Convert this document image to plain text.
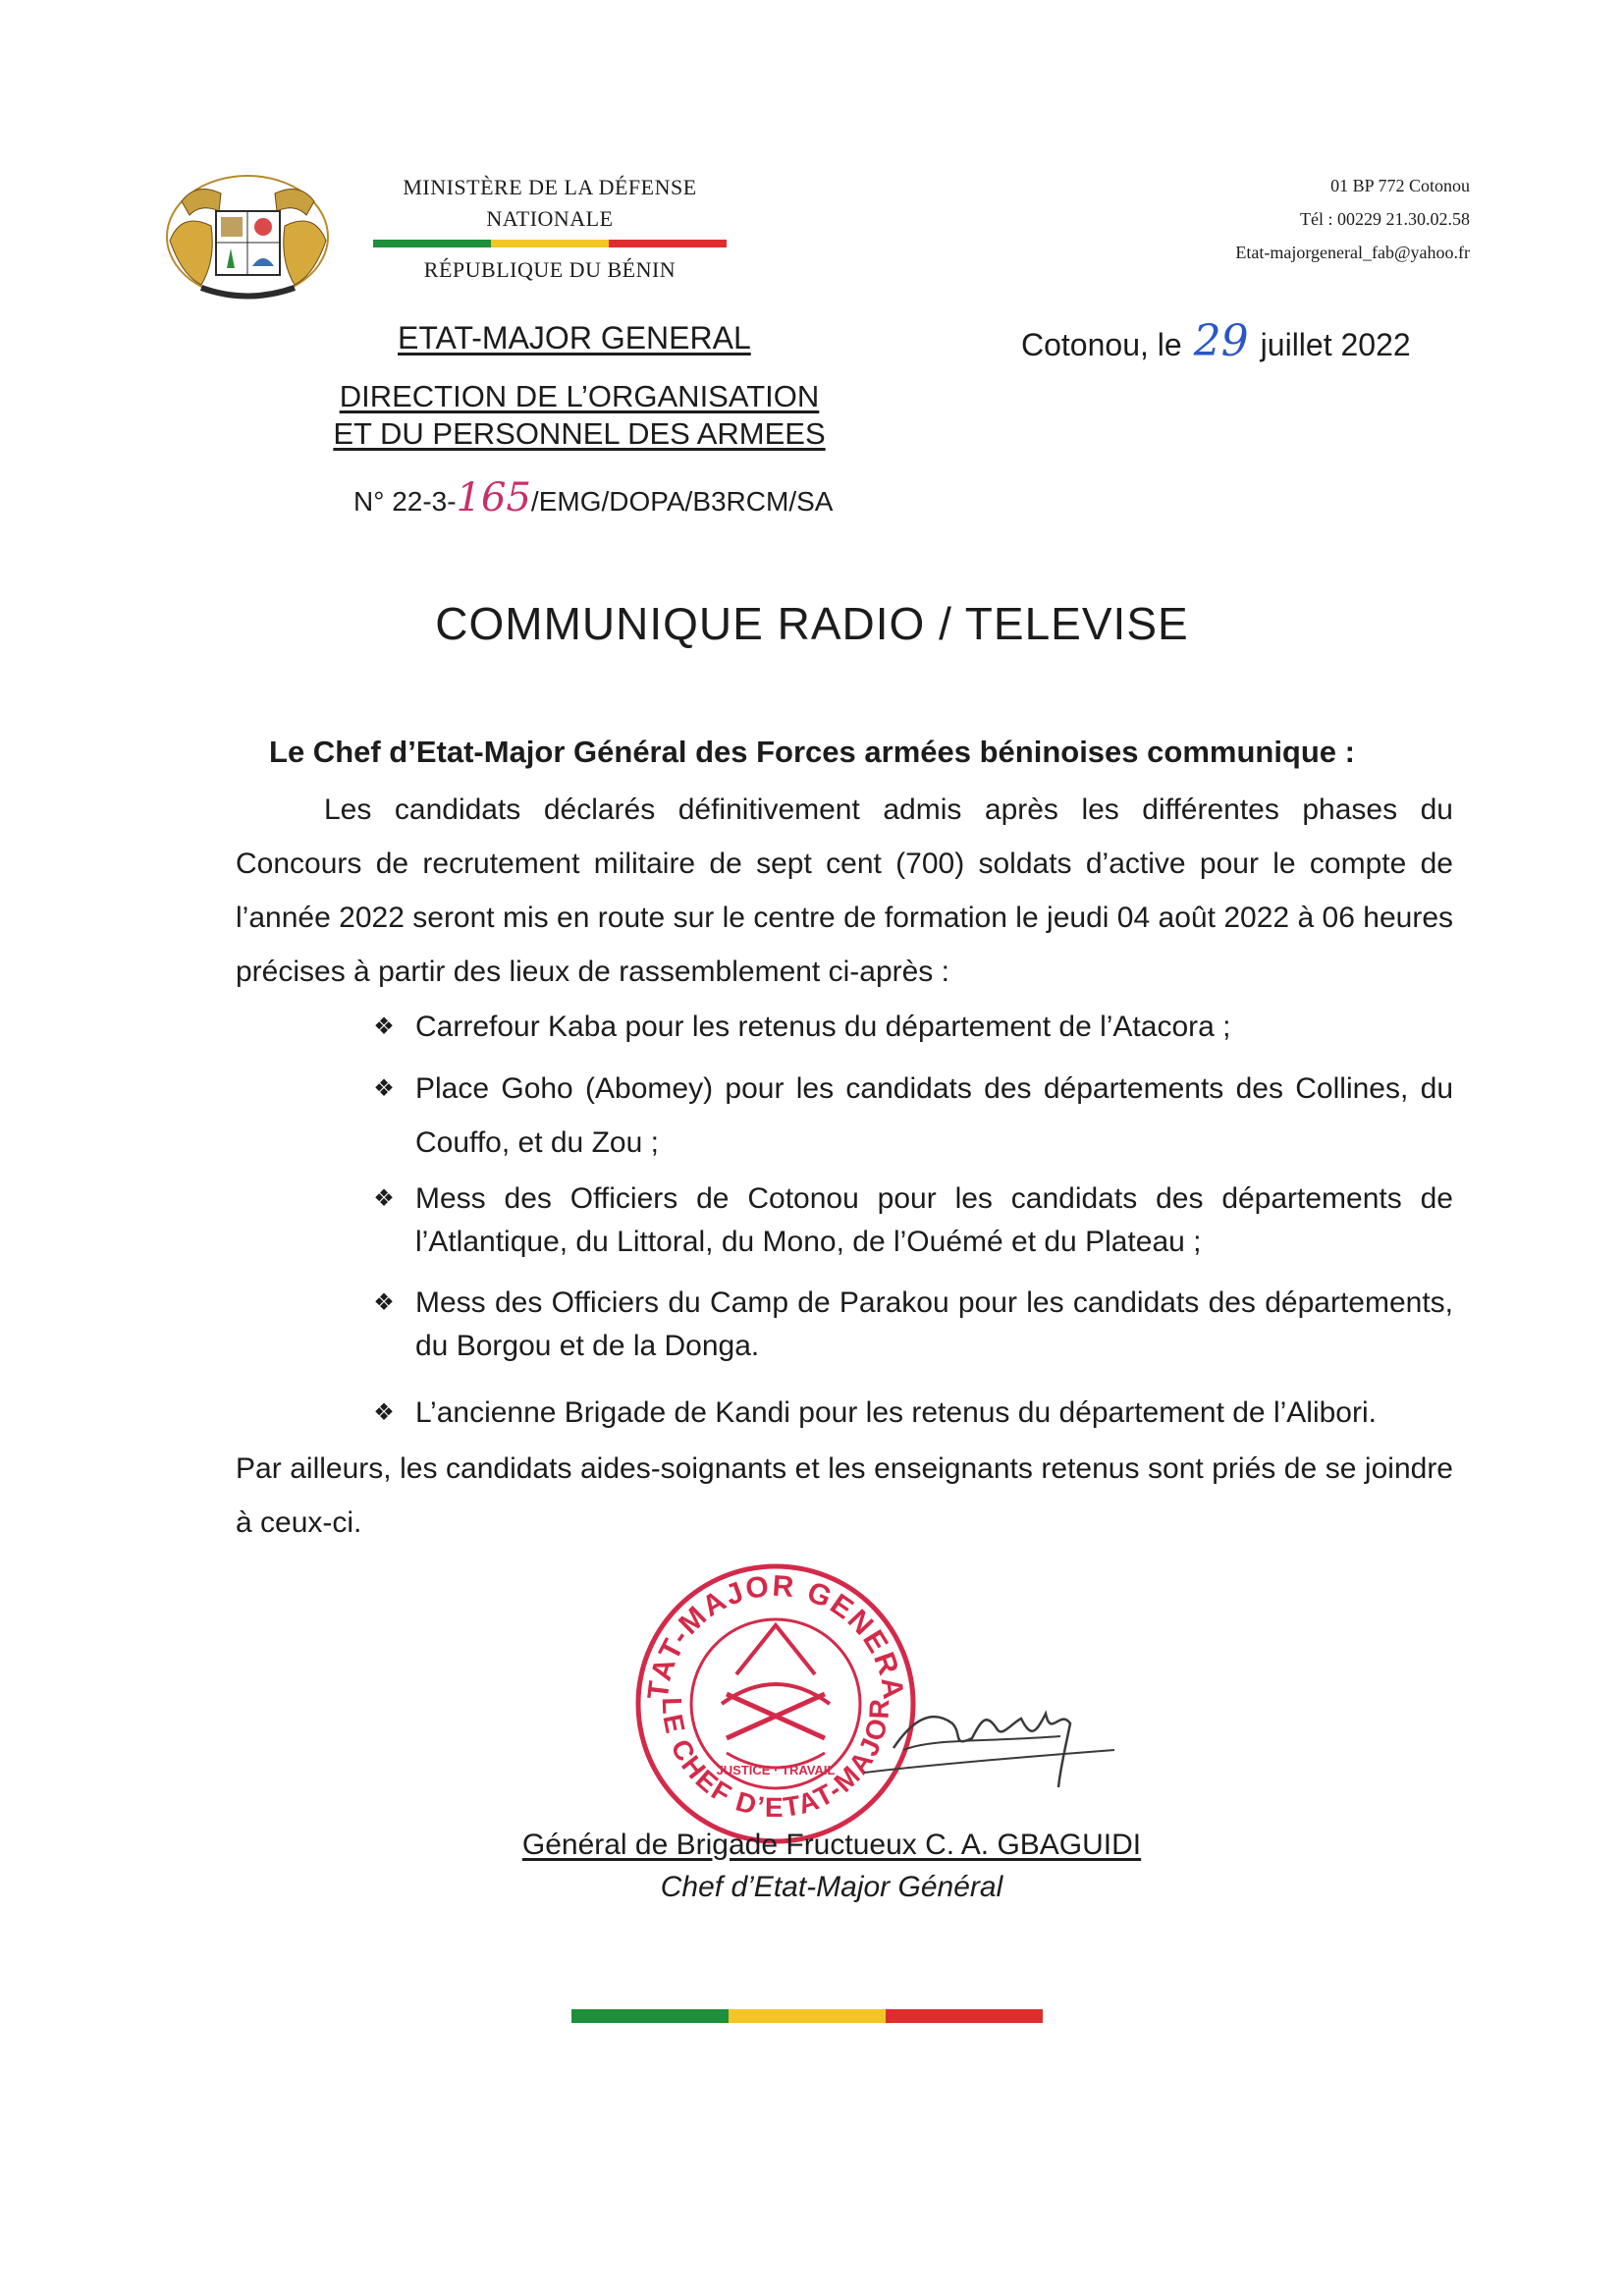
MINISTÈRE DE LA DÉFENSE
NATIONALE
RÉPUBLIQUE DU BÉNIN
01 BP 772 Cotonou
Tél : 00229 21.30.02.58
Etat-majorgeneral_fab@yahoo.fr
ETAT-MAJOR GENERAL	Cotonou, le 29 juillet 2022
DIRECTION DE L’ORGANISATION
ET DU PERSONNEL DES ARMEES
N° 22-3-165/EMG/DOPA/B3RCM/SA
COMMUNIQUE RADIO / TELEVISE
Le Chef d’Etat-Major Général des Forces armées béninoises communique :
Les candidats déclarés définitivement admis après les différentes phases du Concours de recrutement militaire de sept cent (700) soldats d’active pour le compte de l’année 2022 seront mis en route sur le centre de formation le jeudi 04 août 2022 à 06 heures précises à partir des lieux de rassemblement ci-après :
❖ Carrefour Kaba pour les retenus du département de l’Atacora ;
❖ Place Goho (Abomey) pour les candidats des départements des Collines, du Couffo, et du Zou ;
❖ Mess des Officiers de Cotonou pour les candidats des départements de l’Atlantique, du Littoral, du Mono, de l’Ouémé et du Plateau ;
❖ Mess des Officiers du Camp de Parakou pour les candidats des départements, du Borgou et de la Donga.
❖ L’ancienne Brigade de Kandi pour les retenus du département de l’Alibori.
Par ailleurs, les candidats aides-soignants et les enseignants retenus sont priés de se joindre à ceux-ci.
TAT-MAJOR GENERA
LE CHEF D’ETAT-MAJOR
JUSTICE · TRAVAIL
Général de Brigade Fructueux C. A. GBAGUIDI
Chef d’Etat-Major Général
